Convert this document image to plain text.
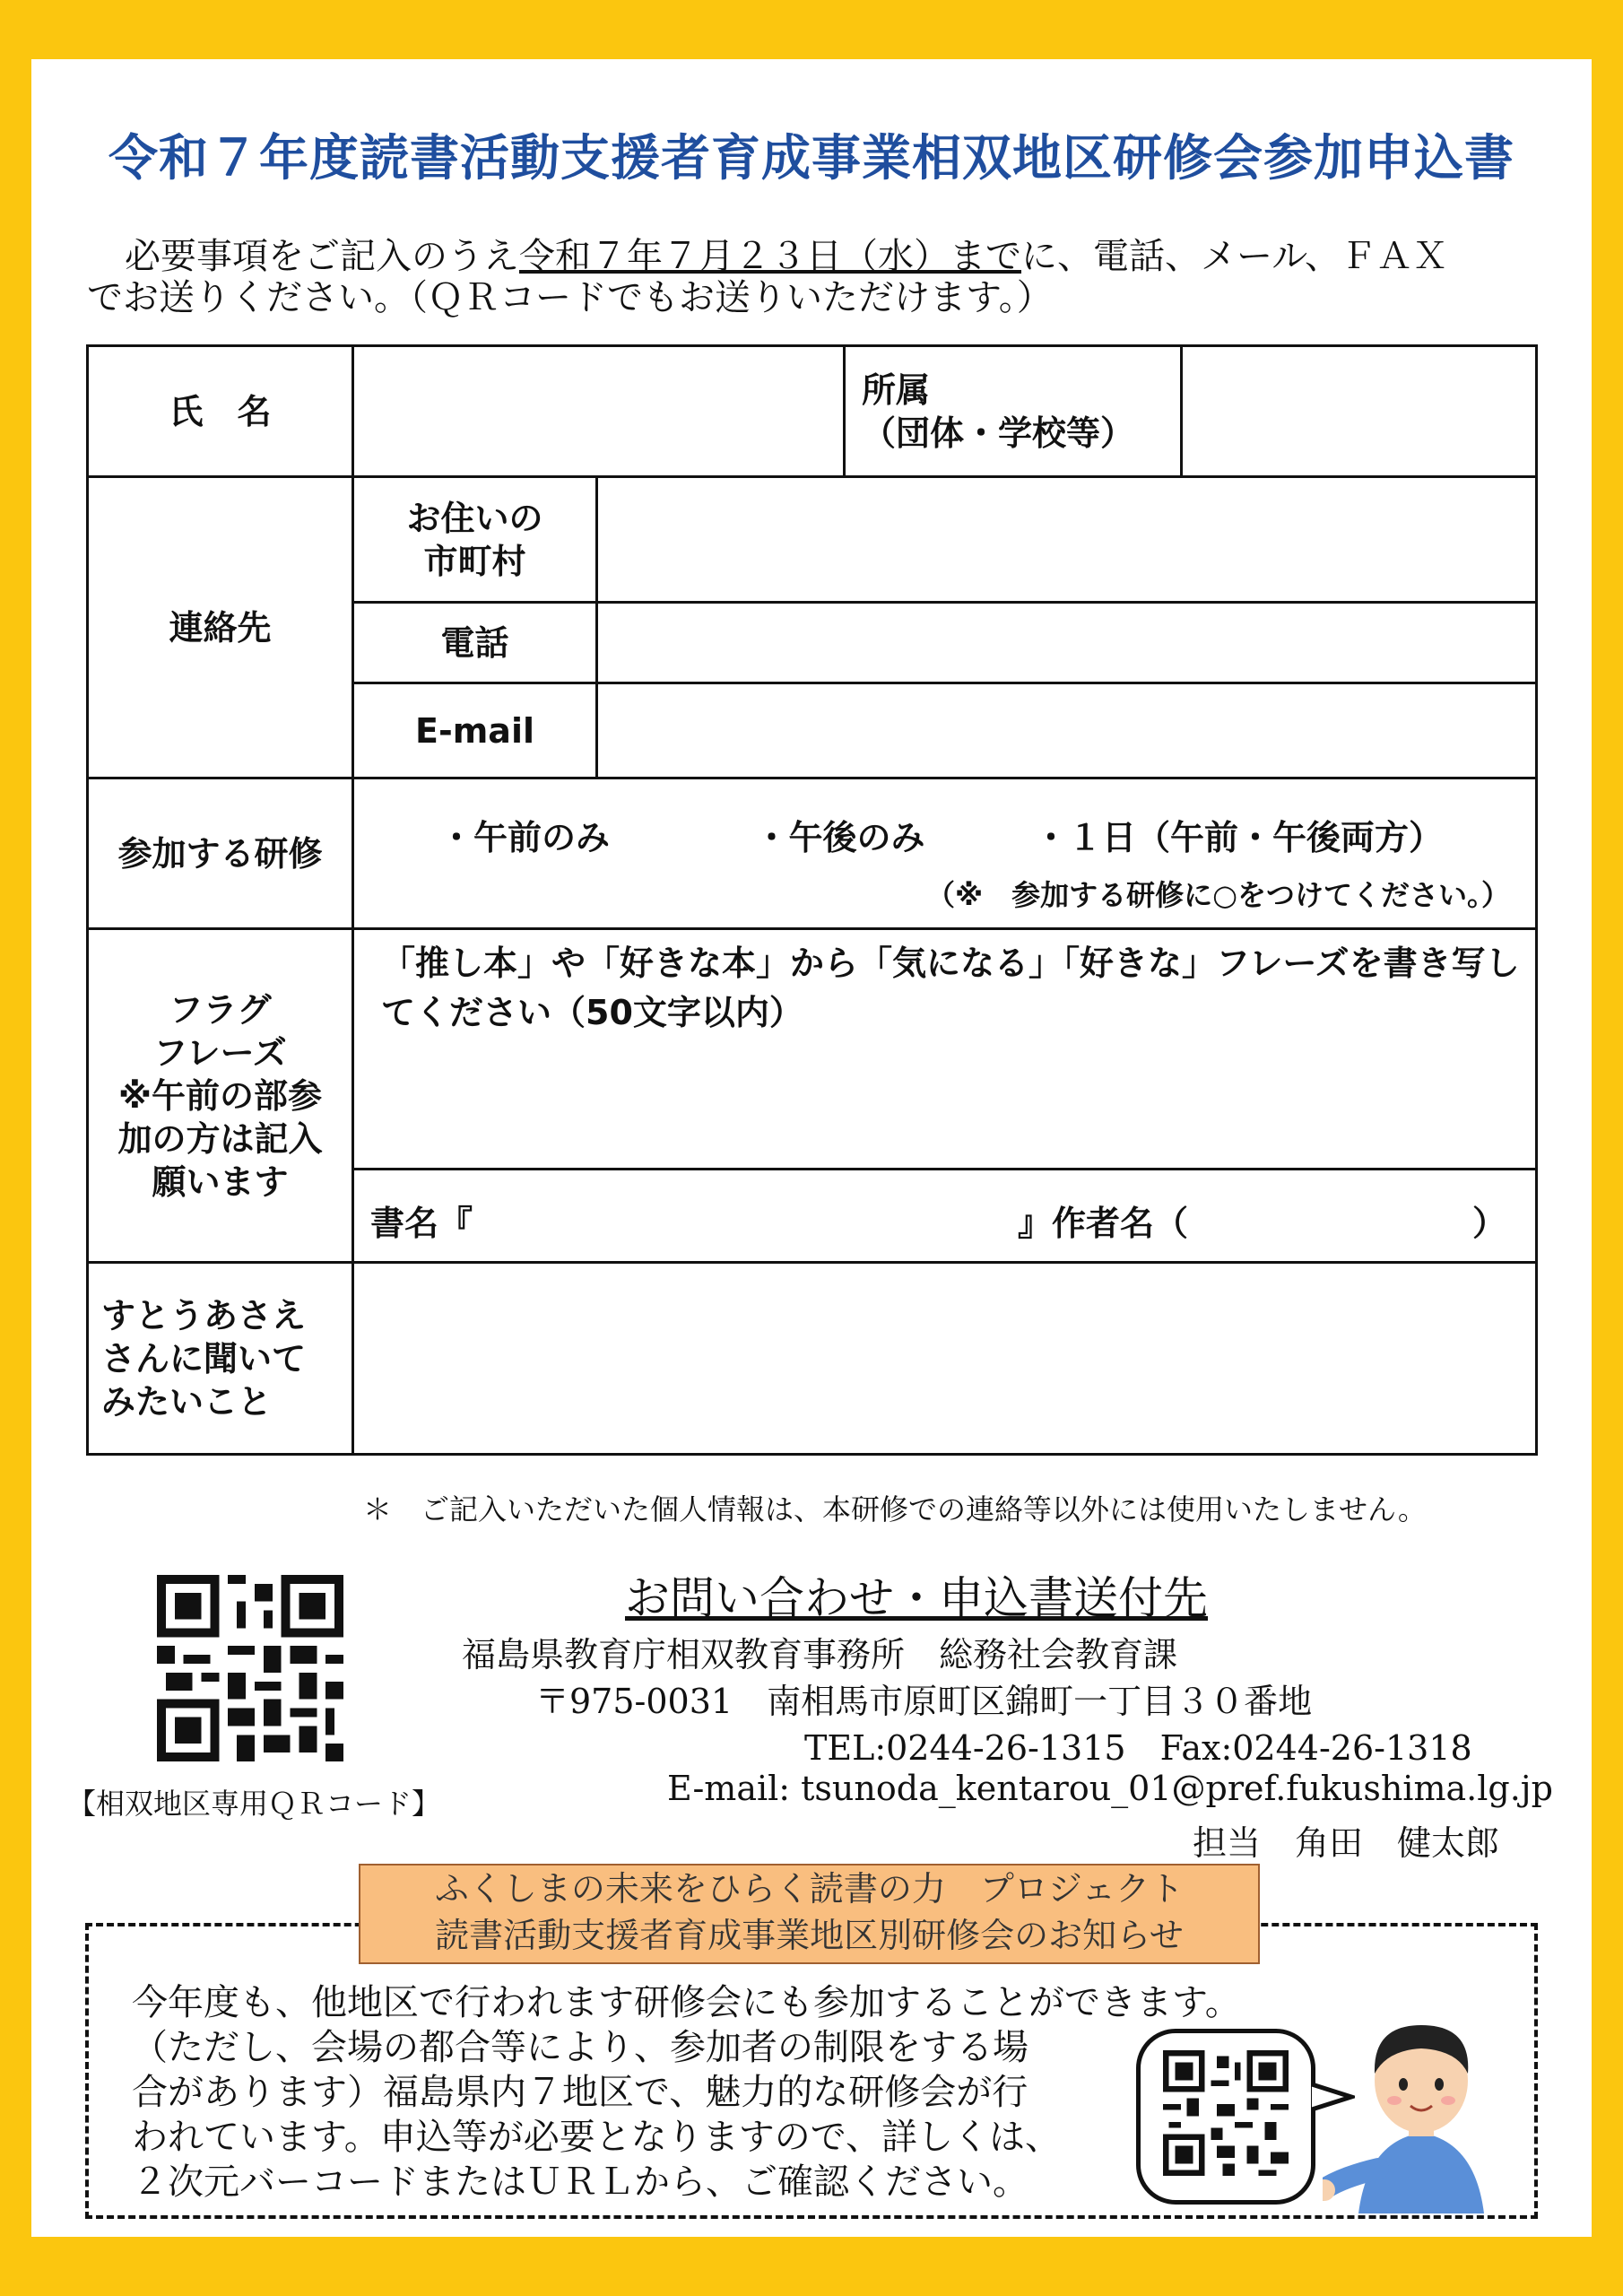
令和７年度読書活動支援者育成事業相双地区研修会参加申込書
必要事項をご記入のうえ令和７年７月２３日（水）までに、電話、メール、ＦＡＸ
でお送りください。（ＱＲコードでもお送りいただけます。）
氏　名			所属
（団体・学校等）	

連絡先	お住いの
市町村			

	電話			
	E-mail			
参加する研修	・午前のみ ・午後のみ ・１日（午前・午後両方）
（※　参加する研修に○をつけてください。）			

フラグ
フレーズ
※午前の部参
加の方は記入
願います	「推し本」や「好きな本」から「気になる」「好きな」フレーズを書き写してください（50文字以内）			

	書名『 』作者名（ ）			

すとうあさえ
さんに聞いて
みたいこと				

＊　ご記入いただいた個人情報は、本研修での連絡等以外には使用いたしません。
【相双地区専用ＱＲコード】
お問い合わせ・申込書送付先
福島県教育庁相双教育事務所　総務社会教育課
〒975-0031　南相馬市原町区錦町一丁目３０番地
TEL:0244-26-1315　Fax:0244-26-1318
E-mail: tsunoda_kentarou_01@pref.fukushima.lg.jp
担当　角田　健太郎
ふくしまの未来をひらく読書の力　プロジェクト
読書活動支援者育成事業地区別研修会のお知らせ
今年度も、他地区で行われます研修会にも参加することができます。
（ただし、会場の都合等により、参加者の制限をする場
合があります）福島県内７地区で、魅力的な研修会が行
われています。申込等が必要となりますので、詳しくは、
２次元バーコードまたはＵＲＬから、ご確認ください。
